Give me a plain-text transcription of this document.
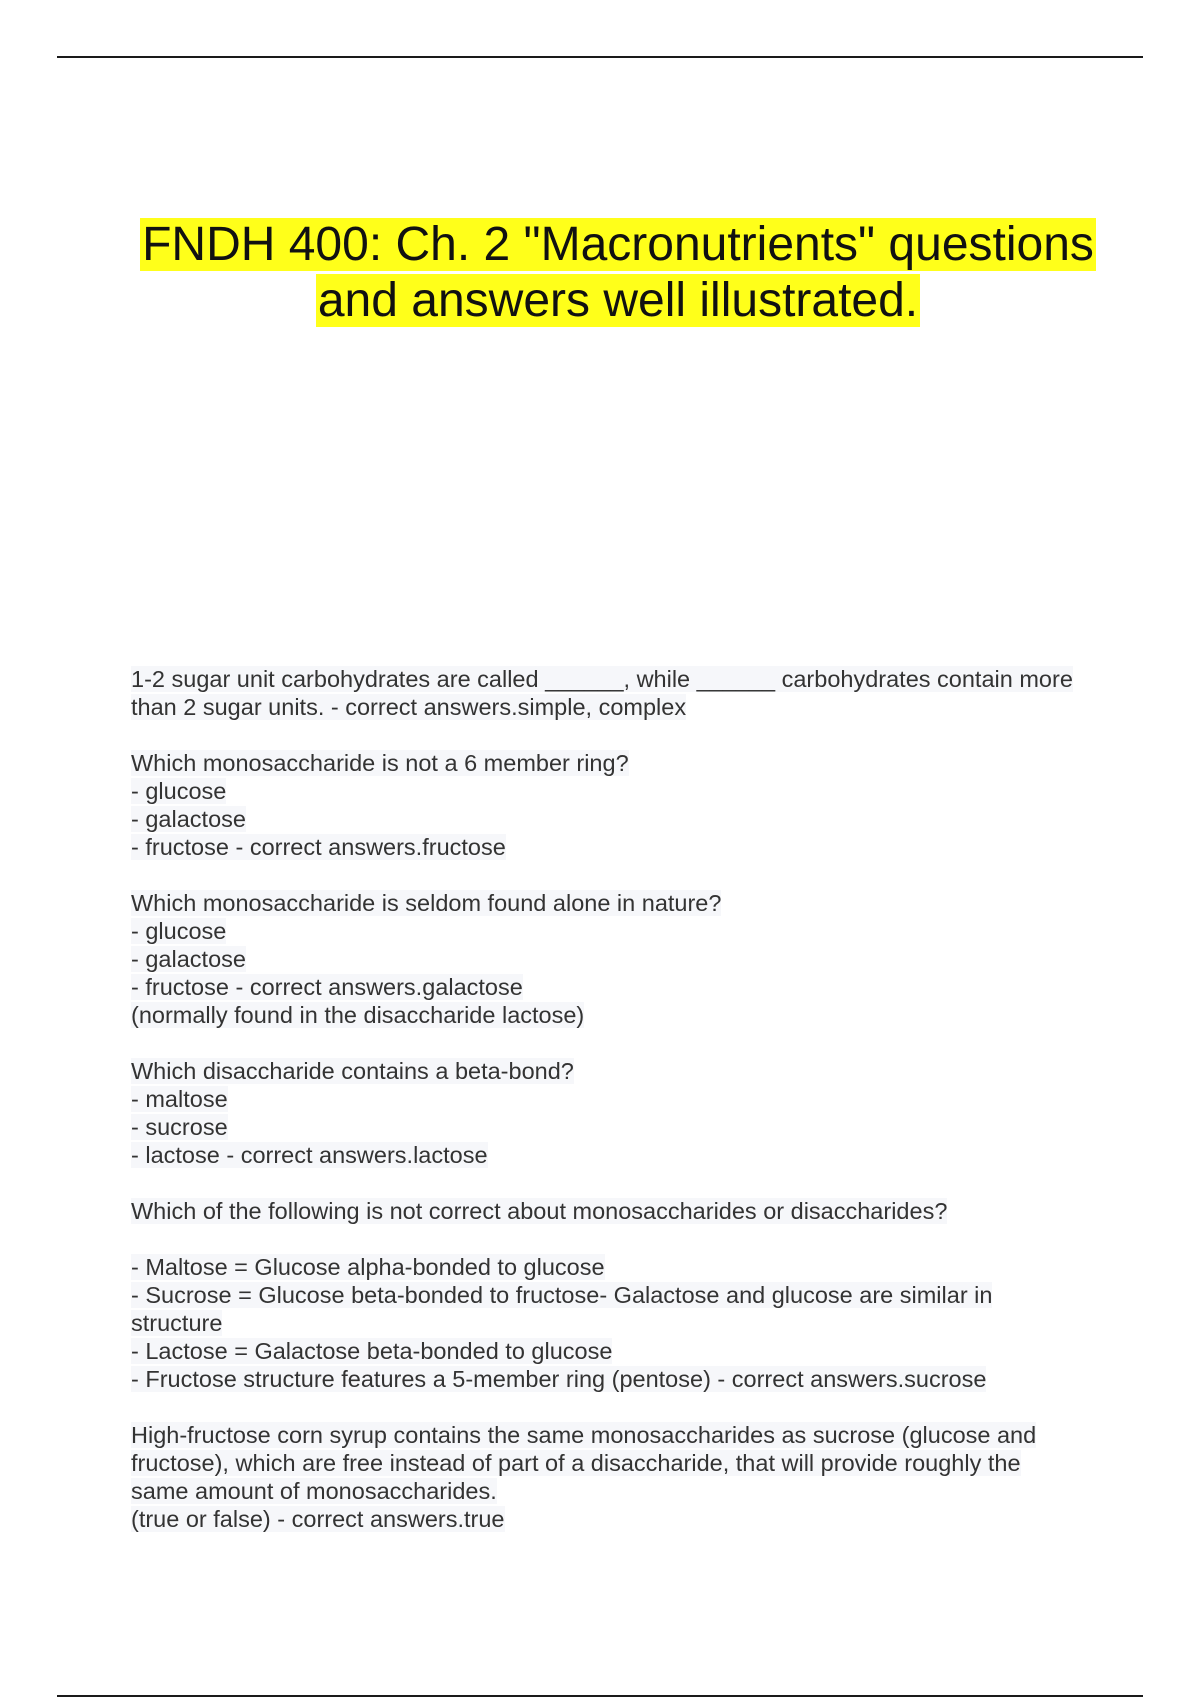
FNDH 400: Ch. 2 "Macronutrients" questions
and answers well illustrated.
1-2 sugar unit carbohydrates are called ______, while ______ carbohydrates contain more
than 2 sugar units. - correct answers.simple, complex
Which monosaccharide is not a 6 member ring?
- glucose
- galactose
- fructose - correct answers.fructose
Which monosaccharide is seldom found alone in nature?
- glucose
- galactose
- fructose - correct answers.galactose
(normally found in the disaccharide lactose)
Which disaccharide contains a beta-bond?
- maltose
- sucrose
- lactose - correct answers.lactose
Which of the following is not correct about monosaccharides or disaccharides?
- Maltose = Glucose alpha-bonded to glucose
- Sucrose = Glucose beta-bonded to fructose- Galactose and glucose are similar in
structure
- Lactose = Galactose beta-bonded to glucose
- Fructose structure features a 5-member ring (pentose) - correct answers.sucrose
High-fructose corn syrup contains the same monosaccharides as sucrose (glucose and
fructose), which are free instead of part of a disaccharide, that will provide roughly the
same amount of monosaccharides.
(true or false) - correct answers.true
